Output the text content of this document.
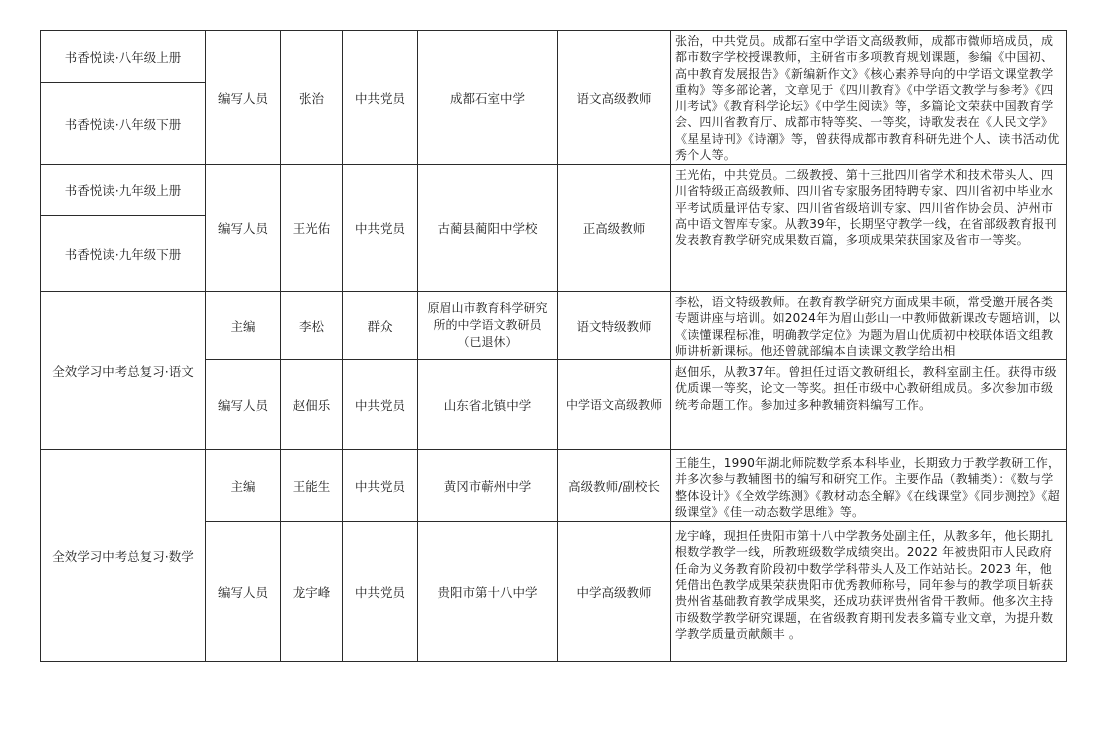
书香悦读·八年级上册	编写人员	张治	中共党员	成都石室中学	语文高级教师	张治，中共党员。成都石室中学语文高级教师，成都市微师培成员，成都市数字学校授课教师，主研省市多项教育规划课题，参编《中国初、高中教育发展报告》《新编新作文》《核心素养导向的中学语文课堂教学重构》等多部论著，文章见于《四川教育》《中学语文教学与参考》《四川考试》《教育科学论坛》《中学生阅读》等，多篇论文荣获中国教育学会、四川省教育厅、成都市特等奖、一等奖，诗歌发表在《人民文学》《星星诗刊》《诗潮》等，曾获得成都市教育科研先进个人、读书活动优秀个人等。

书香悦读·八年级下册						
书香悦读·九年级上册	编写人员	王光佑	中共党员	古蔺县蔺阳中学校	正高级教师	王光佑，中共党员。二级教授、第十三批四川省学术和技术带头人、四川省特级正高级教师、四川省专家服务团特聘专家、四川省初中毕业水平考试质量评估专家、四川省省级培训专家、四川省作协会员、泸州市高中语文智库专家。从教39年，长期坚守教学一线，在省部级教育报刊发表教育教学研究成果数百篇，多项成果荣获国家及省市一等奖。

书香悦读·九年级下册						
全效学习中考总复习·语文	主编	李松	群众	原眉山市教育科学研究所的中学语文教研员　（已退休）	语文特级教师	李松，语文特级教师。在教育教学研究方面成果丰硕，常受邀开展各类专题讲座与培训。如2024年为眉山彭山一中教师做新课改专题培训，以《读懂课程标准，明确教学定位》为题为眉山优质初中校联体语文组教师讲析新课标。他还曾就部编本自读课文教学给出相

	编写人员	赵佃乐	中共党员	山东省北镇中学	中学语文高级教师	赵佃乐，从教37年。曾担任过语文教研组长，教科室副主任。获得市级优质课一等奖，论文一等奖。担任市级中心教研组成员。多次参加市级统考命题工作。参加过多种教辅资料编写工作。

全效学习中考总复习·数学	主编	王能生	中共党员	黄冈市蕲州中学	高级教师/副校长	王能生，1990年湖北师院数学系本科毕业，长期致力于教学教研工作，并多次参与教辅图书的编写和研究工作。主要作品（教辅类）：《数与学整体设计》《全效学练测》《教材动态全解》《在线课堂》《同步测控》《超级课堂》《佳一动态数学思维》等。

	编写人员	龙宇峰	中共党员	贵阳市第十八中学	中学高级教师	龙宇峰，现担任贵阳市第十八中学教务处副主任，从教多年，他长期扎根数学教学一线，所教班级数学成绩突出。2022 年被贵阳市人民政府任命为义务教育阶段初中数学学科带头人及工作站站长。2023 年，他凭借出色教学成果荣获贵阳市优秀教师称号，同年参与的教学项目斩获贵州省基础教育教学成果奖，还成功获评贵州省骨干教师。他多次主持市级数学教学研究课题，在省级教育期刊发表多篇专业文章，为提升数学教学质量贡献颇丰 。
